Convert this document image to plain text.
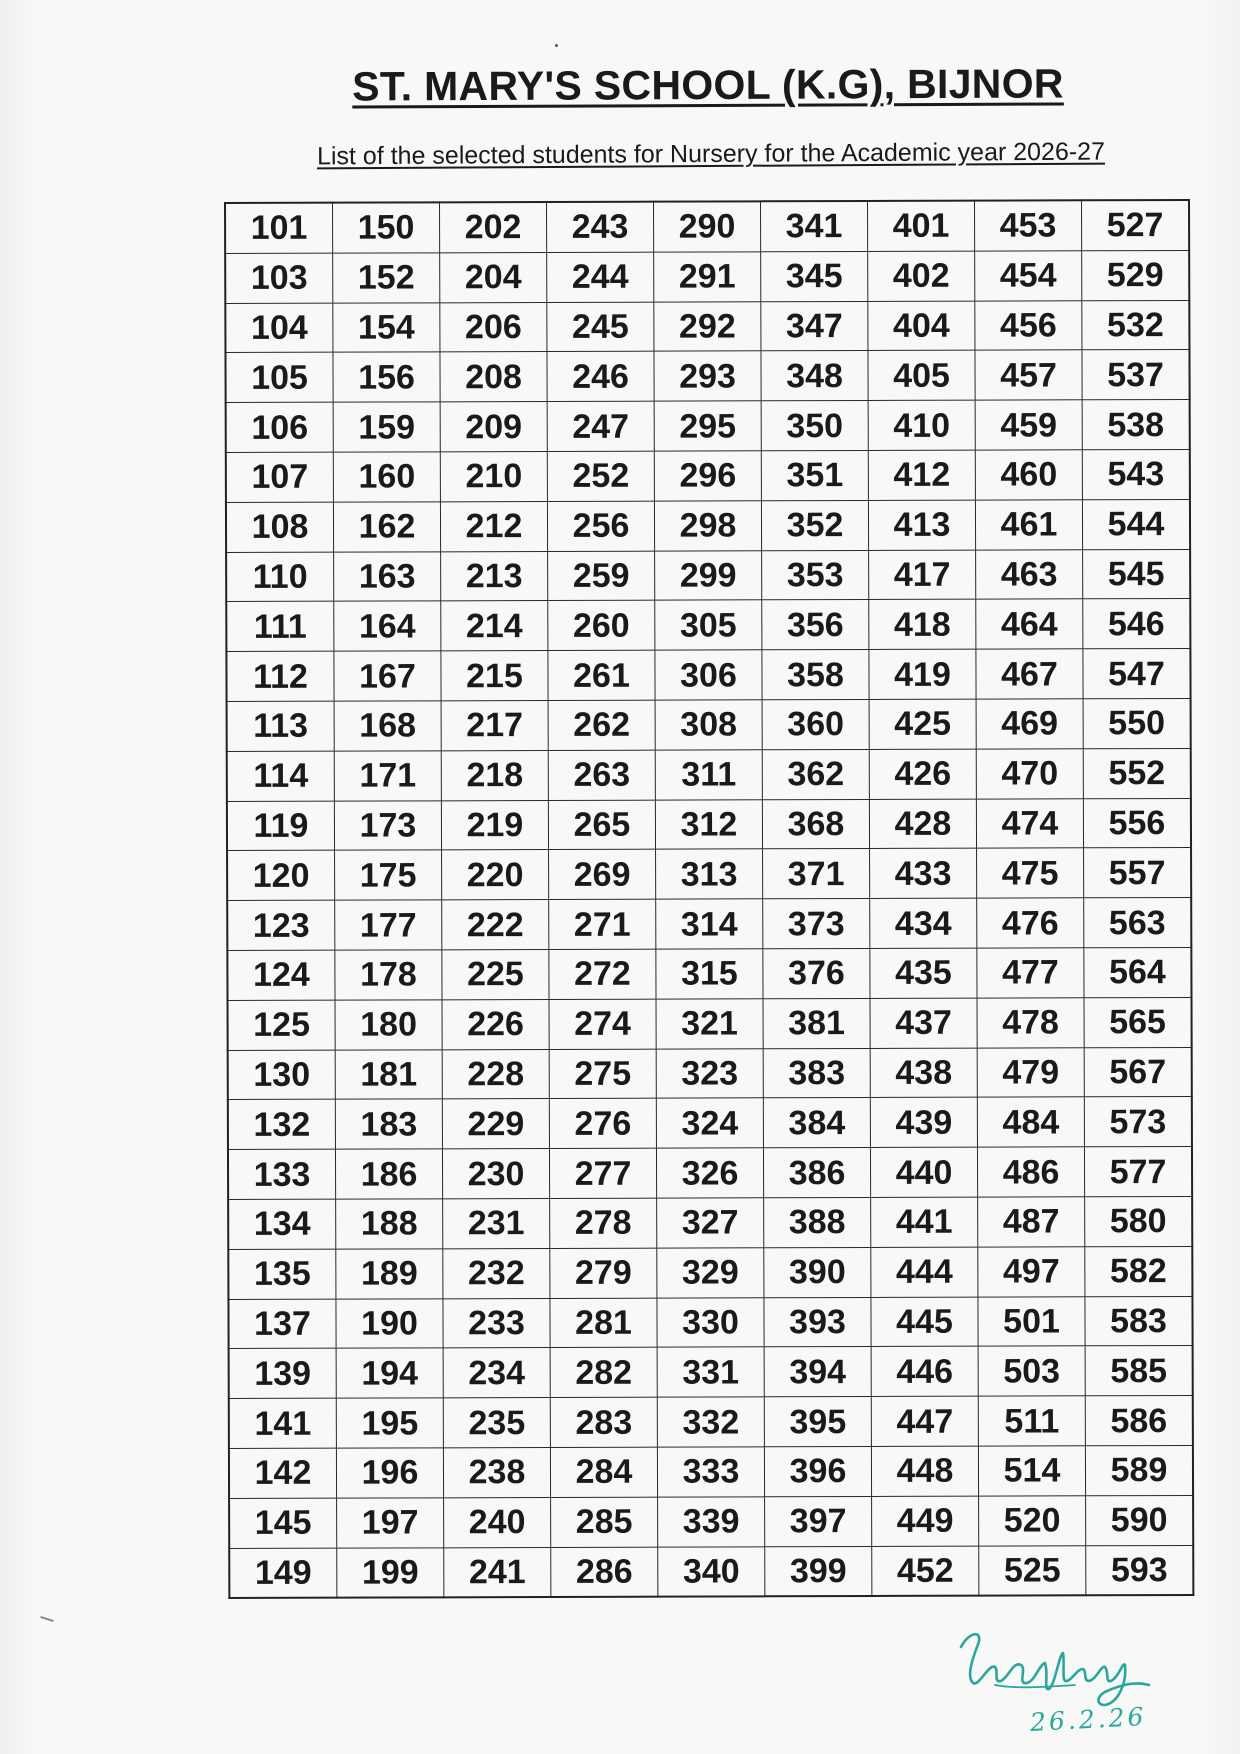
ST. MARY'S SCHOOL (K.G), BIJNOR
List of the selected students for Nursery for the Academic year 2026-27
101	150	202	243	290	341	401	453	527
103	152	204	244	291	345	402	454	529
104	154	206	245	292	347	404	456	532
105	156	208	246	293	348	405	457	537
106	159	209	247	295	350	410	459	538
107	160	210	252	296	351	412	460	543
108	162	212	256	298	352	413	461	544
110	163	213	259	299	353	417	463	545
111	164	214	260	305	356	418	464	546
112	167	215	261	306	358	419	467	547
113	168	217	262	308	360	425	469	550
114	171	218	263	311	362	426	470	552
119	173	219	265	312	368	428	474	556
120	175	220	269	313	371	433	475	557
123	177	222	271	314	373	434	476	563
124	178	225	272	315	376	435	477	564
125	180	226	274	321	381	437	478	565
130	181	228	275	323	383	438	479	567
132	183	229	276	324	384	439	484	573
133	186	230	277	326	386	440	486	577
134	188	231	278	327	388	441	487	580
135	189	232	279	329	390	444	497	582
137	190	233	281	330	393	445	501	583
139	194	234	282	331	394	446	503	585
141	195	235	283	332	395	447	511	586
142	196	238	284	333	396	448	514	589
145	197	240	285	339	397	449	520	590
149	199	241	286	340	399	452	525	593
26.2.26
